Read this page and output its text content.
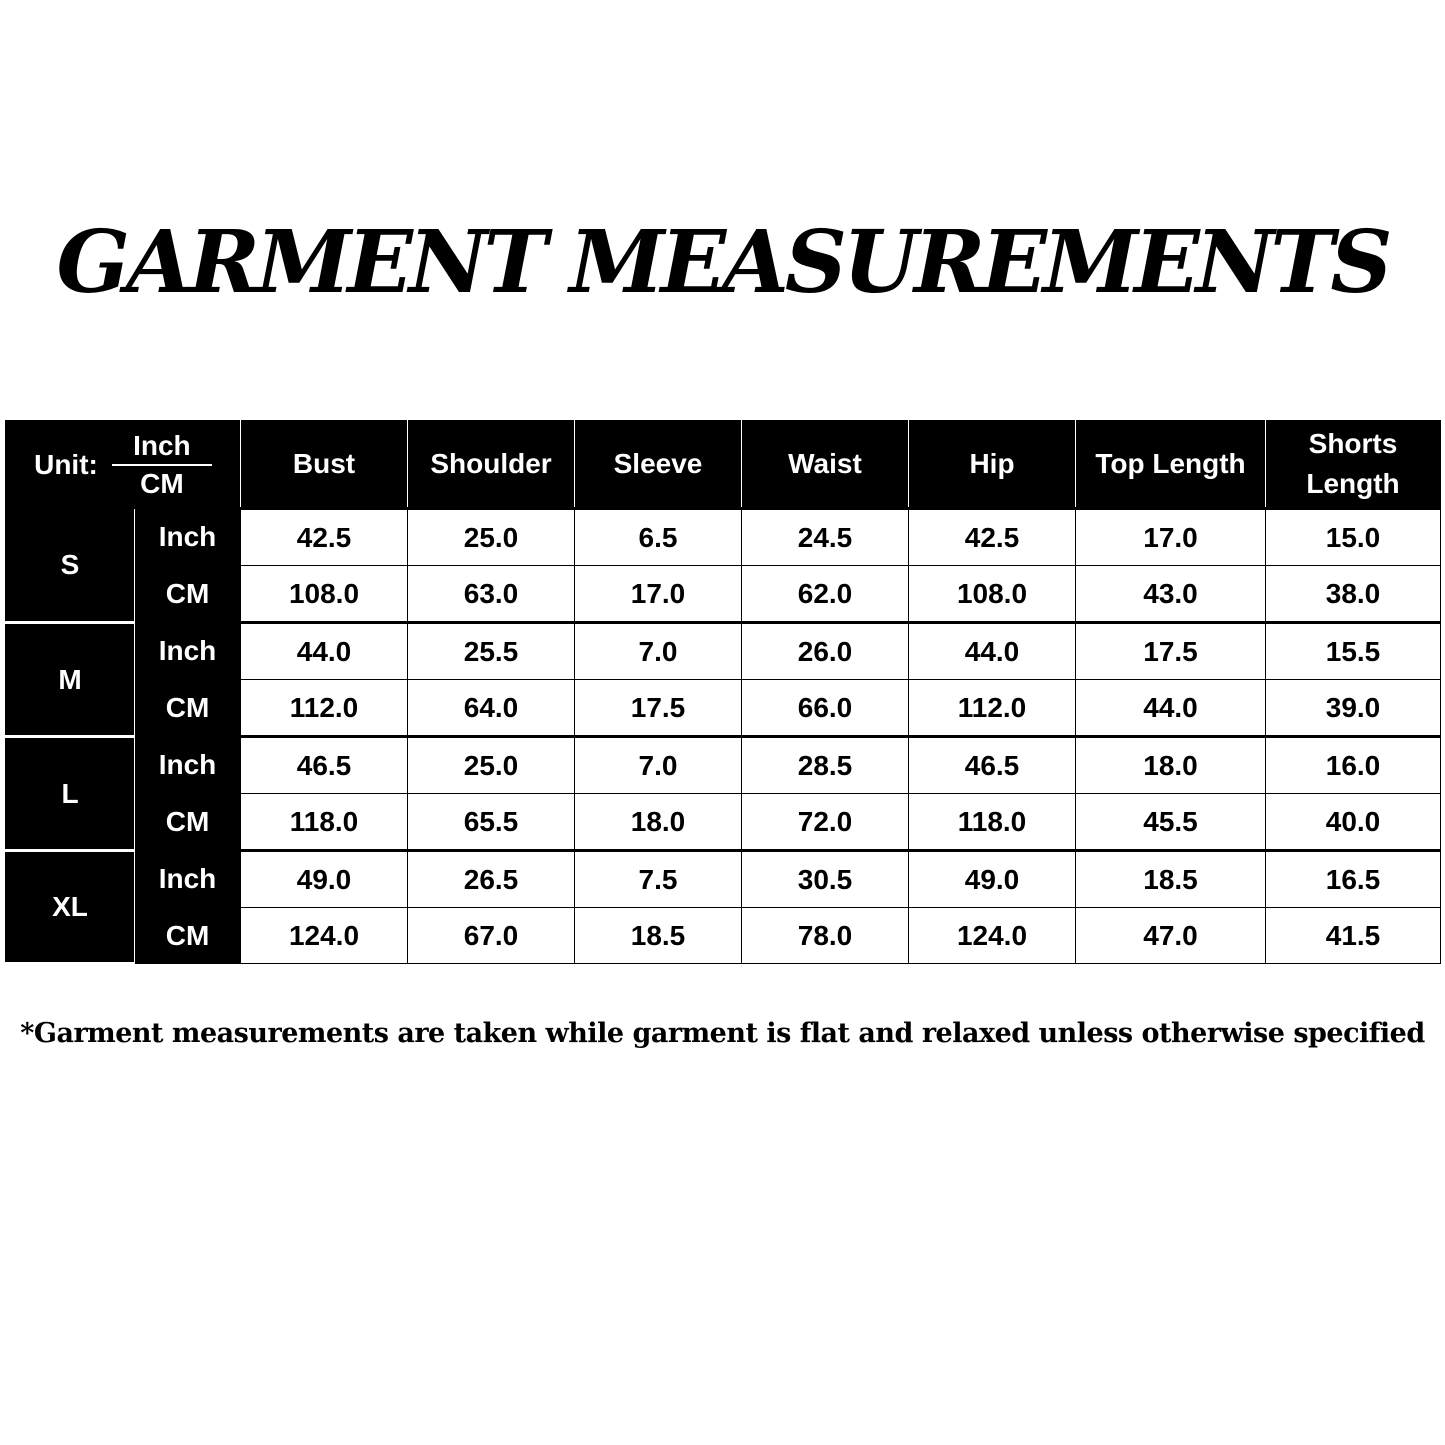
GARMENT MEASUREMENTS
Unit:
Inch
CM		Bust	Shoulder	Sleeve	Waist	Hip	Top Length	Shorts Length
S	Inch	42.5	25.0	6.5	24.5	42.5	17.0	15.0
	CM	108.0	63.0	17.0	62.0	108.0	43.0	38.0
M	Inch	44.0	25.5	7.0	26.0	44.0	17.5	15.5
	CM	112.0	64.0	17.5	66.0	112.0	44.0	39.0
L	Inch	46.5	25.0	7.0	28.5	46.5	18.0	16.0
	CM	118.0	65.5	18.0	72.0	118.0	45.5	40.0
XL	Inch	49.0	26.5	7.5	30.5	49.0	18.5	16.5
	CM	124.0	67.0	18.5	78.0	124.0	47.0	41.5
*Garment measurements are taken while garment is flat and relaxed unless otherwise specified
